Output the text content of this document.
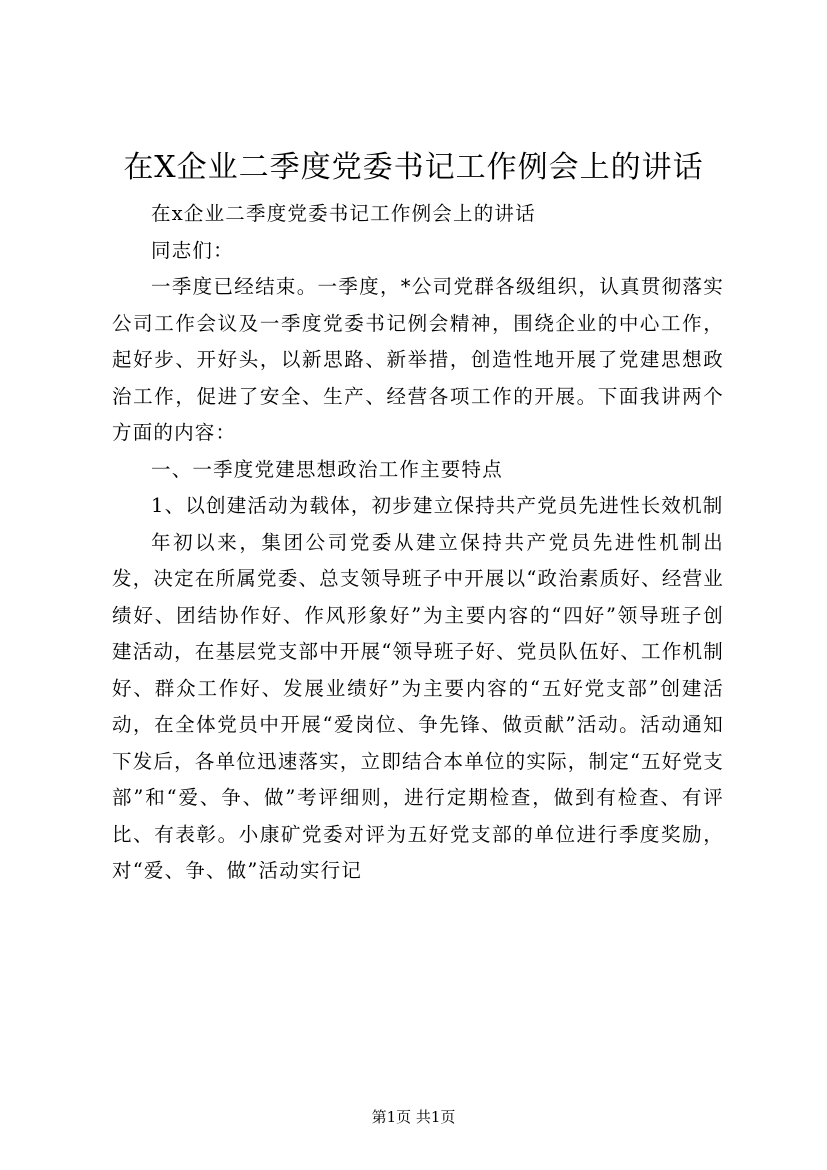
在X企业二季度党委书记工作例会上的讲话

在x企业二季度党委书记工作例会上的讲话

同志们：

一季度已经结束。一季度，*公司党群各级组织，认真贯彻落实公司工作会议及一季度党委书记例会精神，围绕企业的中心工作，起好步、开好头，以新思路、新举措，创造性地开展了党建思想政治工作，促进了安全、生产、经营各项工作的开展。下面我讲两个方面的内容：

一、一季度党建思想政治工作主要特点

1、以创建活动为载体，初步建立保持共产党员先进性长效机制

年初以来，集团公司党委从建立保持共产党员先进性机制出发，决定在所属党委、总支领导班子中开展以“政治素质好、经营业绩好、团结协作好、作风形象好”为主要内容的“四好”领导班子创建活动，在基层党支部中开展“领导班子好、党员队伍好、工作机制好、群众工作好、发展业绩好”为主要内容的“五好党支部”创建活动，在全体党员中开展“爱岗位、争先锋、做贡献”活动。活动通知下发后，各单位迅速落实，立即结合本单位的实际，制定“五好党支部”和“爱、争、做”考评细则，进行定期检查，做到有检查、有评比、有表彰。小康矿党委对评为五好党支部的单位进行季度奖励，对“爱、争、做”活动实行记

第1页 共1页
